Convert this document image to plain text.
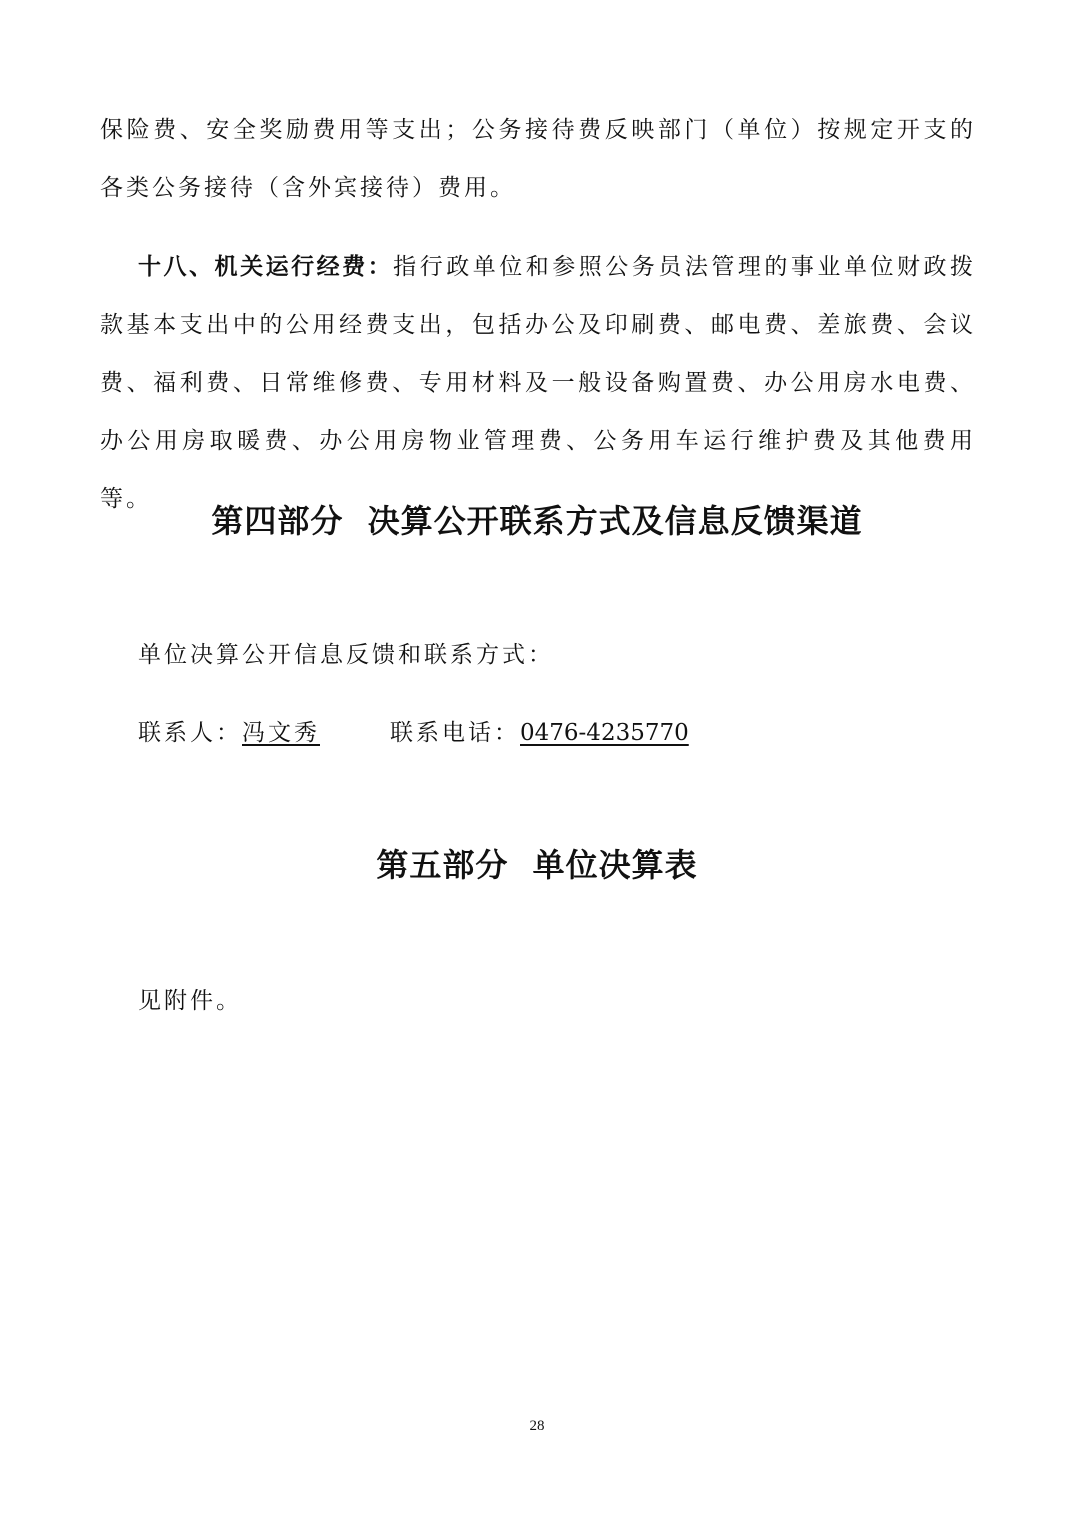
保险费、安全奖励费用等支出；公务接待费反映部门（单位）按规定开支的各类公务接待（含外宾接待）费用。

十八、机关运行经费：指行政单位和参照公务员法管理的事业单位财政拨款基本支出中的公用经费支出，包括办公及印刷费、邮电费、差旅费、会议费、福利费、日常维修费、专用材料及一般设备购置费、办公用房水电费、办公用房取暖费、办公用房物业管理费、公务用车运行维护费及其他费用等。

第四部分  决算公开联系方式及信息反馈渠道

单位决算公开信息反馈和联系方式：

联系人：冯文秀	联系电话：0476-4235770

第五部分  单位决算表

见附件。

28
